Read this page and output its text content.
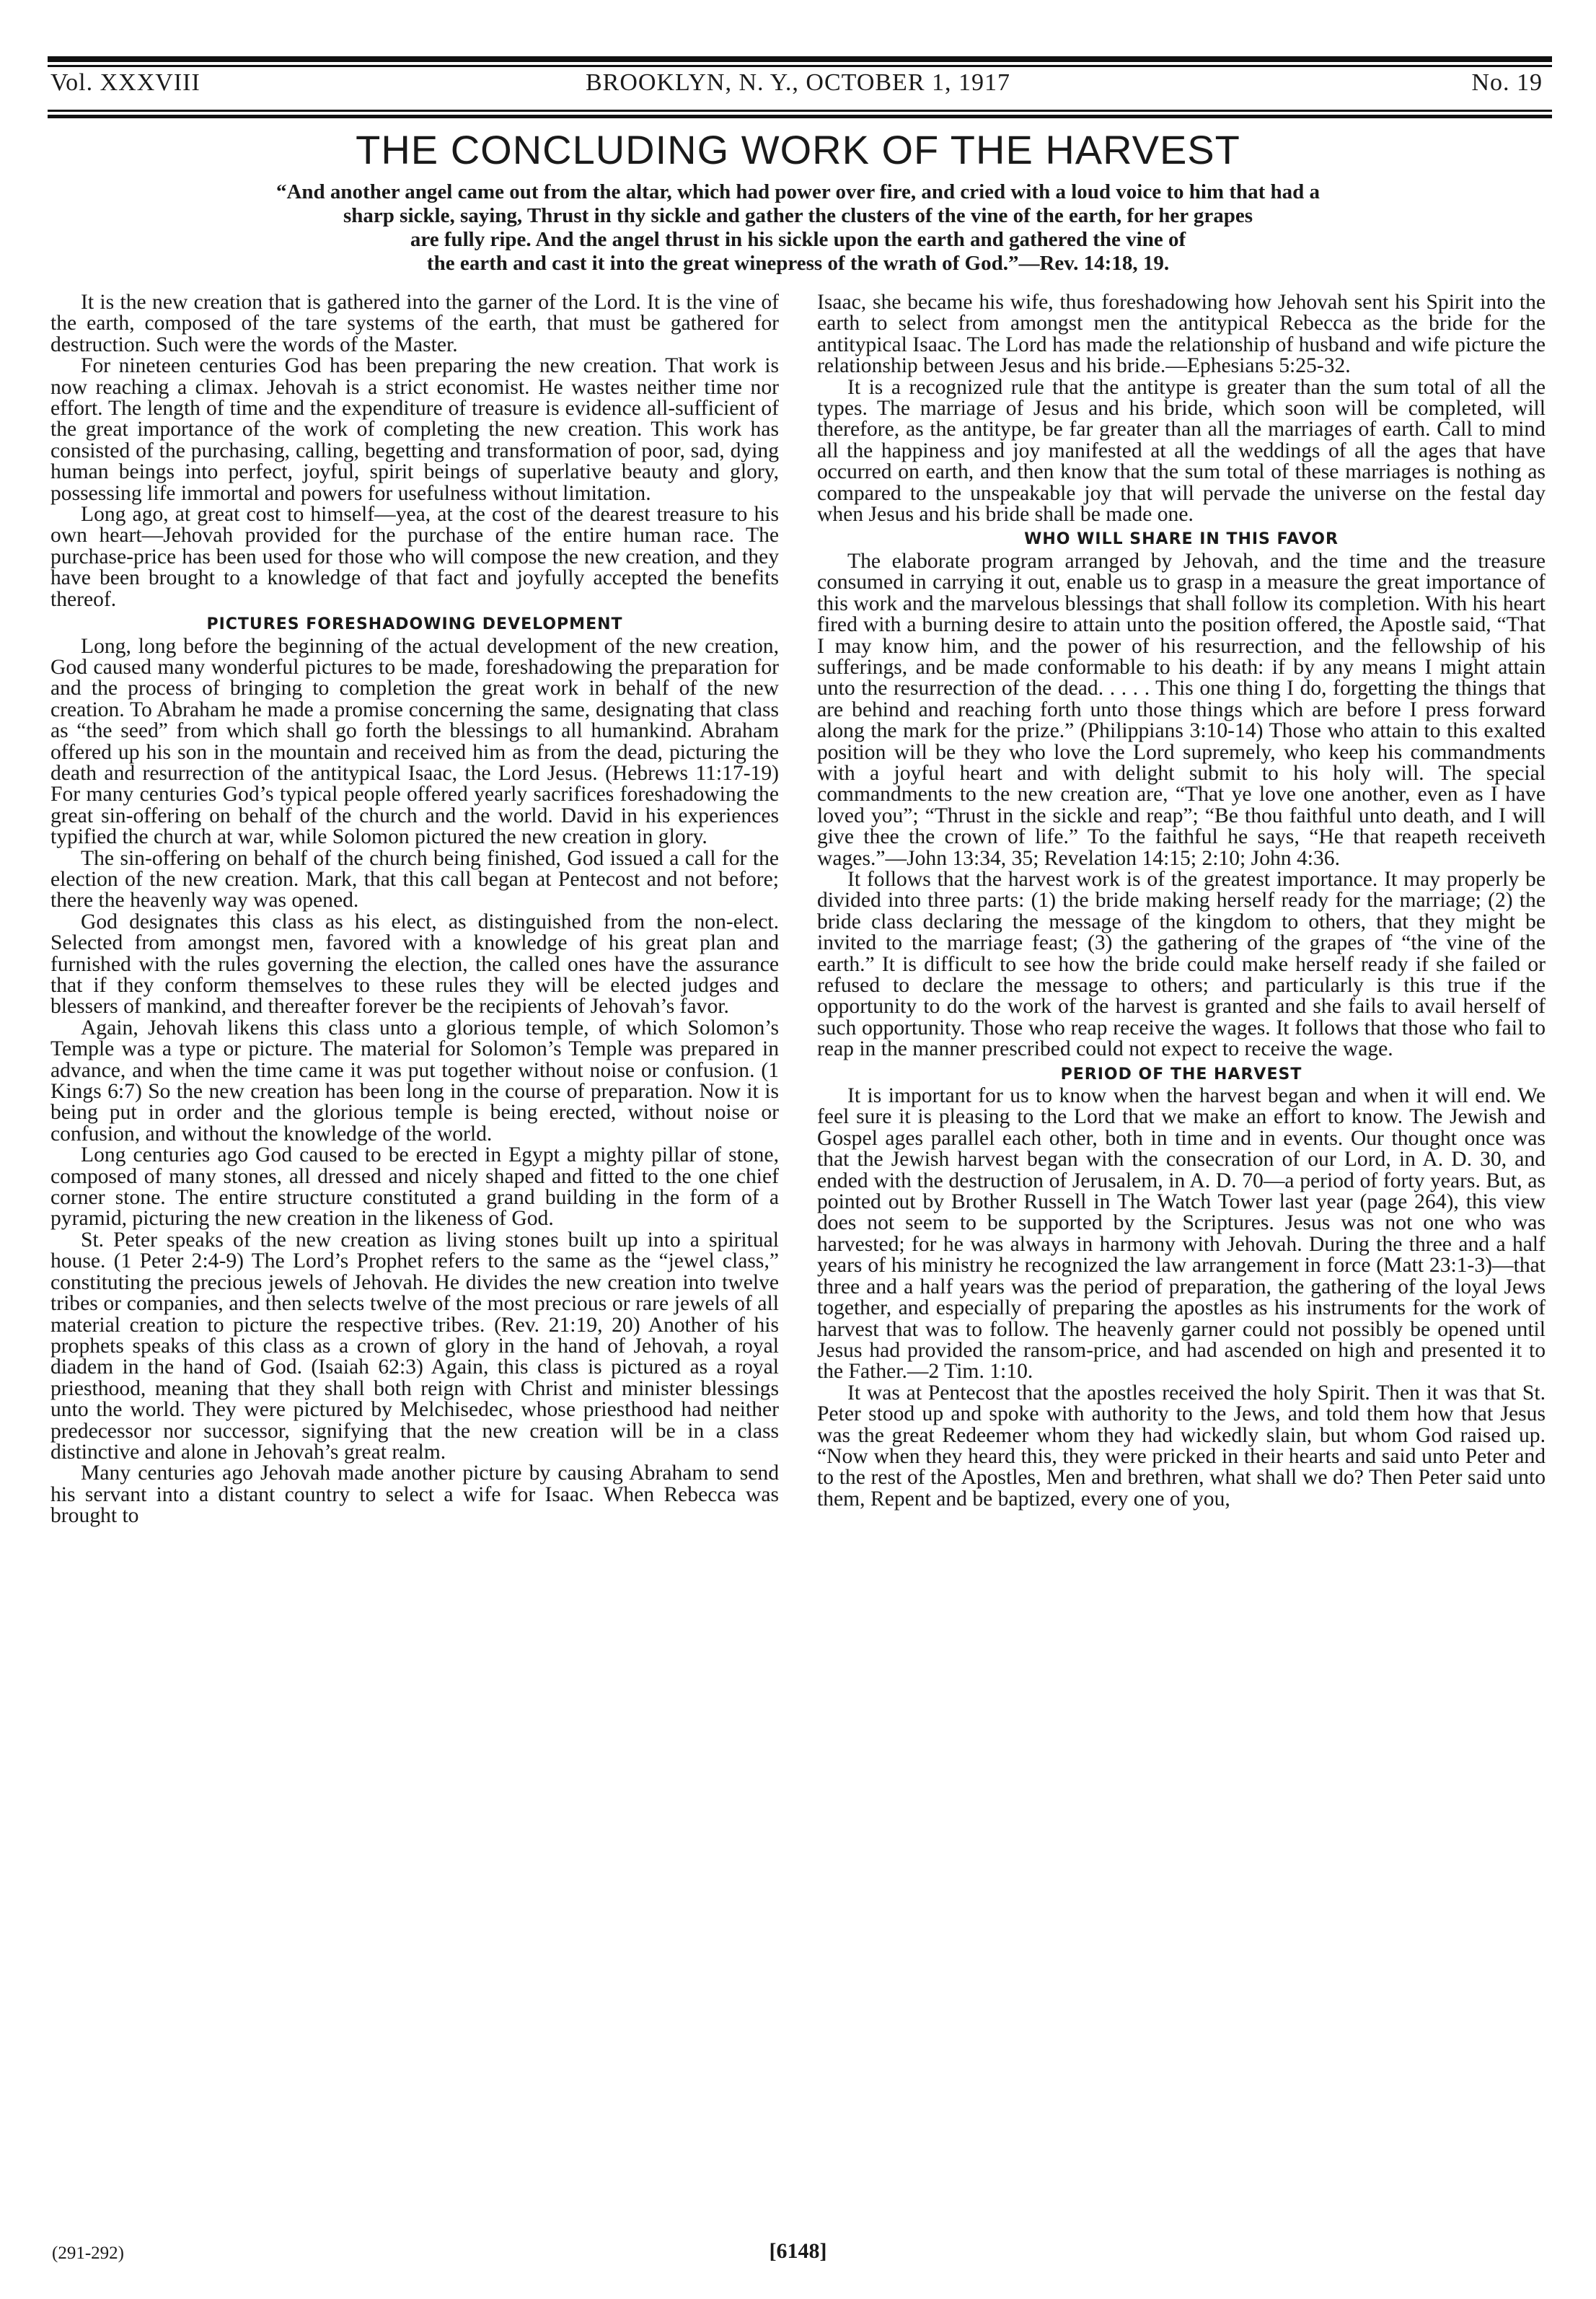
Vol. XXXVIII	BROOKLYN, N. Y., OCTOBER 1, 1917	No. 19
THE CONCLUDING WORK OF THE HARVEST
“And another angel came out from the altar, which had power over fire, and cried with a loud voice to him that had a
sharp sickle, saying, Thrust in thy sickle and gather the clusters of the vine of the earth, for her grapes
are fully ripe. And the angel thrust in his sickle upon the earth and gathered the vine of
the earth and cast it into the great winepress of the wrath of God.”—Rev. 14:18, 19.

It is the new creation that is gathered into the garner of the Lord. It is the vine of the earth, composed of the tare systems of the earth, that must be gathered for destruction. Such were the words of the Master.

For nineteen centuries God has been preparing the new creation. That work is now reaching a climax. Jehovah is a strict economist. He wastes neither time nor effort. The length of time and the expenditure of treasure is evidence all-sufficient of the great importance of the work of completing the new creation. This work has consisted of the purchasing, calling, begetting and transformation of poor, sad, dying human beings into perfect, joyful, spirit beings of superlative beauty and glory, possessing life immortal and powers for usefulness without limitation.

Long ago, at great cost to himself—yea, at the cost of the dearest treasure to his own heart—Jehovah provided for the purchase of the entire human race. The purchase-price has been used for those who will compose the new creation, and they have been brought to a knowledge of that fact and joyfully accepted the benefits thereof.

PICTURES FORESHADOWING DEVELOPMENT

Long, long before the beginning of the actual development of the new creation, God caused many wonderful pictures to be made, foreshadowing the preparation for and the process of bringing to completion the great work in behalf of the new creation. To Abraham he made a promise concerning the same, designating that class as “the seed” from which shall go forth the blessings to all humankind. Abraham offered up his son in the mountain and received him as from the dead, picturing the death and resurrection of the antitypical Isaac, the Lord Jesus. (Hebrews 11:17-19) For many centuries God’s typical people offered yearly sacrifices foreshadowing the great sin-offering on behalf of the church and the world. David in his experiences typified the church at war, while Solomon pictured the new creation in glory.

The sin-offering on behalf of the church being finished, God issued a call for the election of the new creation. Mark, that this call began at Pentecost and not before; there the heavenly way was opened.

God designates this class as his elect, as distinguished from the non-elect. Selected from amongst men, favored with a knowledge of his great plan and furnished with the rules governing the election, the called ones have the assurance that if they conform themselves to these rules they will be elected judges and blessers of mankind, and thereafter forever be the recipients of Jehovah’s favor.

Again, Jehovah likens this class unto a glorious temple, of which Solomon’s Temple was a type or picture. The material for Solomon’s Temple was prepared in advance, and when the time came it was put together without noise or confusion. (1 Kings 6:7) So the new creation has been long in the course of preparation. Now it is being put in order and the glorious temple is being erected, without noise or confusion, and without the knowledge of the world.

Long centuries ago God caused to be erected in Egypt a mighty pillar of stone, composed of many stones, all dressed and nicely shaped and fitted to the one chief corner stone. The entire structure constituted a grand building in the form of a pyramid, picturing the new creation in the likeness of God.

St. Peter speaks of the new creation as living stones built up into a spiritual house. (1 Peter 2:4-9) The Lord’s Prophet refers to the same as the “jewel class,” constituting the precious jewels of Jehovah. He divides the new creation into twelve tribes or companies, and then selects twelve of the most precious or rare jewels of all material creation to picture the respective tribes. (Rev. 21:19, 20) Another of his prophets speaks of this class as a crown of glory in the hand of Jehovah, a royal diadem in the hand of God. (Isaiah 62:3) Again, this class is pictured as a royal priesthood, meaning that they shall both reign with Christ and minister blessings unto the world. They were pictured by Melchisedec, whose priesthood had neither predecessor nor successor, signifying that the new creation will be in a class distinctive and alone in Jehovah’s great realm.

Many centuries ago Jehovah made another picture by causing Abraham to send his servant into a distant country to select a wife for Isaac. When Rebecca was brought to

Isaac, she became his wife, thus foreshadowing how Jehovah sent his Spirit into the earth to select from amongst men the antitypical Rebecca as the bride for the antitypical Isaac. The Lord has made the relationship of husband and wife picture the relationship between Jesus and his bride.—Ephesians 5:25-32.

It is a recognized rule that the antitype is greater than the sum total of all the types. The marriage of Jesus and his bride, which soon will be completed, will therefore, as the antitype, be far greater than all the marriages of earth. Call to mind all the happiness and joy manifested at all the weddings of all the ages that have occurred on earth, and then know that the sum total of these marriages is nothing as compared to the unspeakable joy that will pervade the universe on the festal day when Jesus and his bride shall be made one.

WHO WILL SHARE IN THIS FAVOR

The elaborate program arranged by Jehovah, and the time and the treasure consumed in carrying it out, enable us to grasp in a measure the great importance of this work and the marvelous blessings that shall follow its completion. With his heart fired with a burning desire to attain unto the position offered, the Apostle said, “That I may know him, and the power of his resurrection, and the fellowship of his sufferings, and be made conformable to his death: if by any means I might attain unto the resurrection of the dead. . . . . This one thing I do, forgetting the things that are behind and reaching forth unto those things which are before I press forward along the mark for the prize.” (Philippians 3:10-14) Those who attain to this exalted position will be they who love the Lord supremely, who keep his commandments with a joyful heart and with delight submit to his holy will. The special commandments to the new creation are, “That ye love one another, even as I have loved you”; “Thrust in the sickle and reap”; “Be thou faithful unto death, and I will give thee the crown of life.” To the faithful he says, “He that reapeth receiveth wages.”—John 13:34, 35; Revelation 14:15; 2:10; John 4:36.

It follows that the harvest work is of the greatest importance. It may properly be divided into three parts: (1) the bride making herself ready for the marriage; (2) the bride class declaring the message of the kingdom to others, that they might be invited to the marriage feast; (3) the gathering of the grapes of “the vine of the earth.” It is difficult to see how the bride could make herself ready if she failed or refused to declare the message to others; and particularly is this true if the opportunity to do the work of the harvest is granted and she fails to avail herself of such opportunity. Those who reap receive the wages. It follows that those who fail to reap in the manner prescribed could not expect to receive the wage.

PERIOD OF THE HARVEST

It is important for us to know when the harvest began and when it will end. We feel sure it is pleasing to the Lord that we make an effort to know. The Jewish and Gospel ages parallel each other, both in time and in events. Our thought once was that the Jewish harvest began with the consecration of our Lord, in A. D. 30, and ended with the destruction of Jerusalem, in A. D. 70—a period of forty years. But, as pointed out by Brother Russell in The Watch Tower last year (page 264), this view does not seem to be supported by the Scriptures. Jesus was not one who was harvested; for he was always in harmony with Jehovah. During the three and a half years of his ministry he recognized the law arrangement in force (Matt 23:1-3)—that three and a half years was the period of preparation, the gathering of the loyal Jews together, and especially of preparing the apostles as his instruments for the work of harvest that was to follow. The heavenly garner could not possibly be opened until Jesus had provided the ransom-price, and had ascended on high and presented it to the Father.—2 Tim. 1:10.

It was at Pentecost that the apostles received the holy Spirit. Then it was that St. Peter stood up and spoke with authority to the Jews, and told them how that Jesus was the great Redeemer whom they had wickedly slain, but whom God raised up. “Now when they heard this, they were pricked in their hearts and said unto Peter and to the rest of the Apostles, Men and brethren, what shall we do? Then Peter said unto them, Repent and be baptized, every one of you,

(291-292)	[6148]
